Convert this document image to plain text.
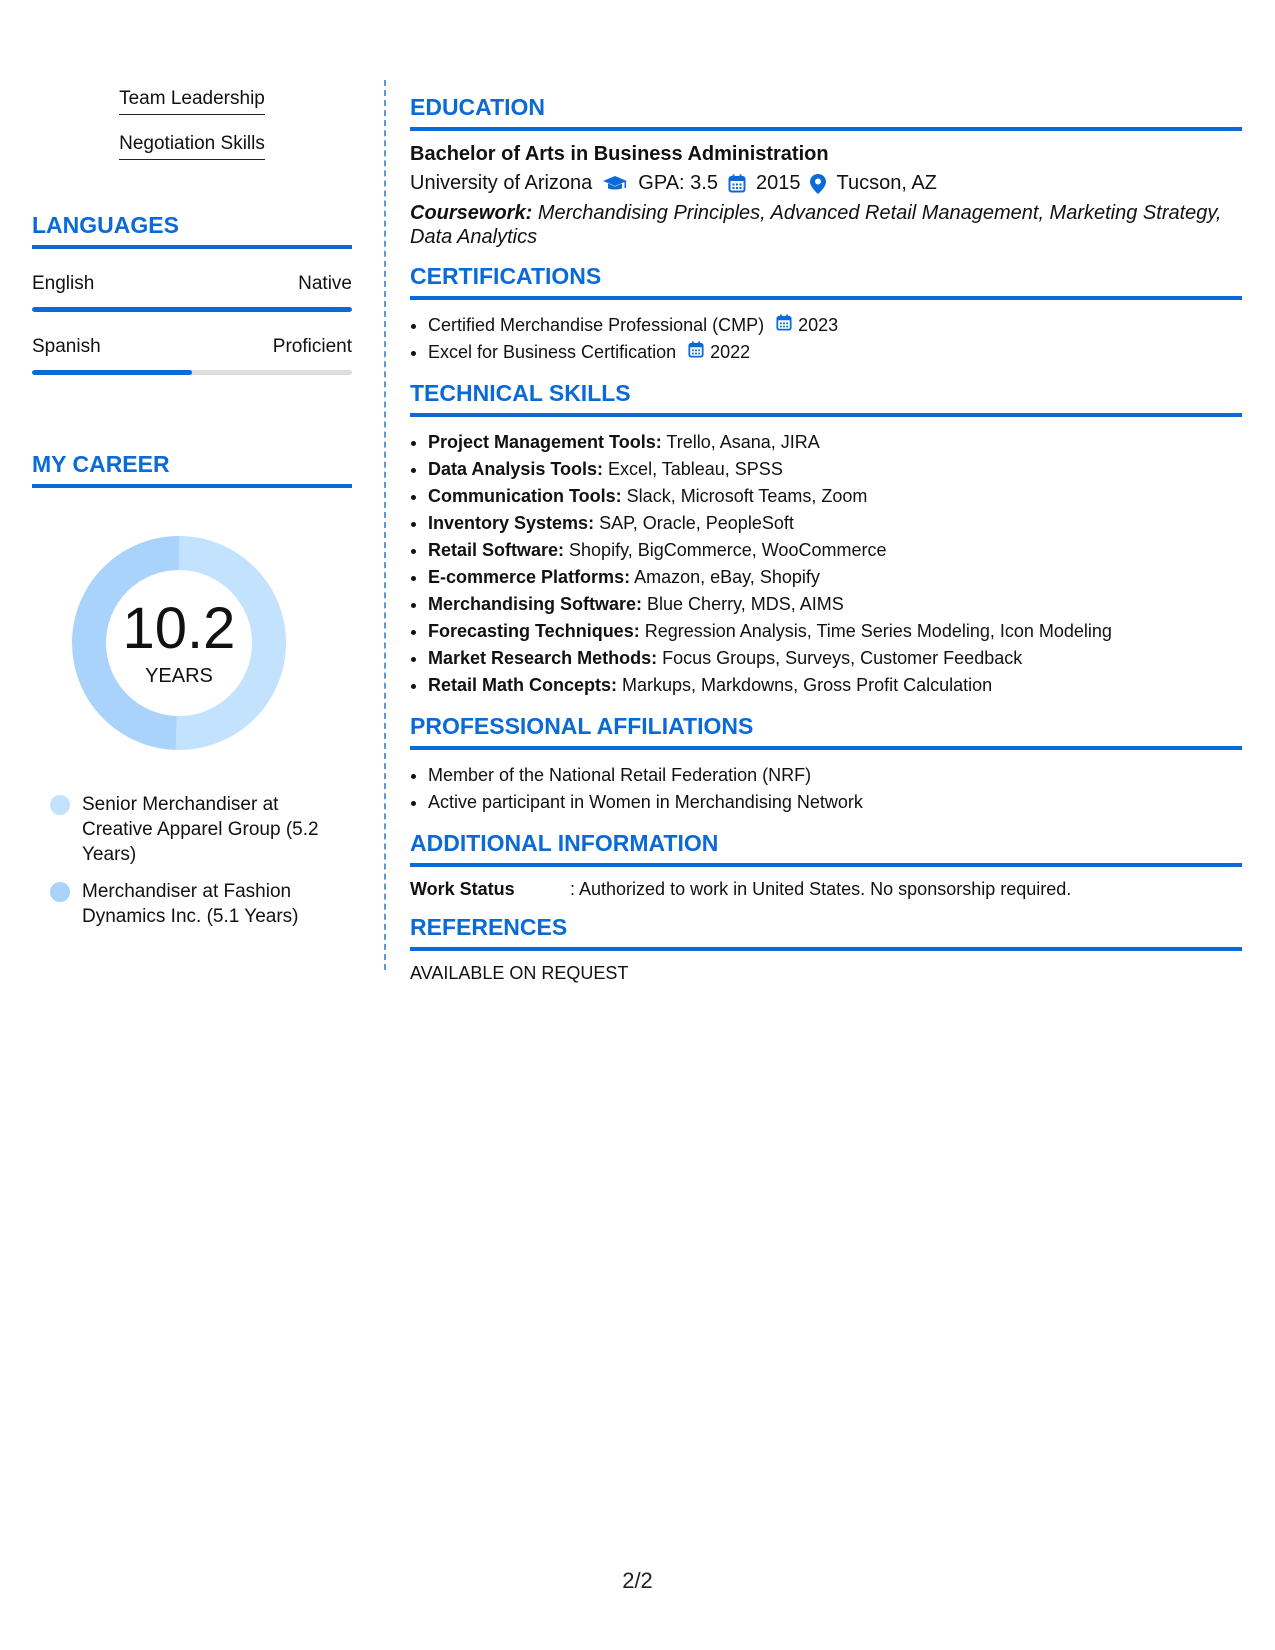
Team Leadership
Negotiation Skills
LANGUAGES
English	Native
Spanish	Proficient
MY CAREER
10.2
YEARS
Senior Merchandiser at Creative Apparel Group (5.2 Years)
Merchandiser at Fashion Dynamics Inc. (5.1 Years)
EDUCATION
Bachelor of Arts in Business Administration
University of Arizona GPA: 3.5 2015 Tucson, AZ
Coursework: Merchandising Principles, Advanced Retail Management, Marketing Strategy, Data Analytics
CERTIFICATIONS
• Certified Merchandise Professional (CMP) 2023
• Excel for Business Certification 2022
TECHNICAL SKILLS
• Project Management Tools: Trello, Asana, JIRA
• Data Analysis Tools: Excel, Tableau, SPSS
• Communication Tools: Slack, Microsoft Teams, Zoom
• Inventory Systems: SAP, Oracle, PeopleSoft
• Retail Software: Shopify, BigCommerce, WooCommerce
• E-commerce Platforms: Amazon, eBay, Shopify
• Merchandising Software: Blue Cherry, MDS, AIMS
• Forecasting Techniques: Regression Analysis, Time Series Modeling, Icon Modeling
• Market Research Methods: Focus Groups, Surveys, Customer Feedback
• Retail Math Concepts: Markups, Markdowns, Gross Profit Calculation
PROFESSIONAL AFFILIATIONS
• Member of the National Retail Federation (NRF)
• Active participant in Women in Merchandising Network
ADDITIONAL INFORMATION
Work Status	: Authorized to work in United States. No sponsorship required.
REFERENCES
AVAILABLE ON REQUEST
2/2
